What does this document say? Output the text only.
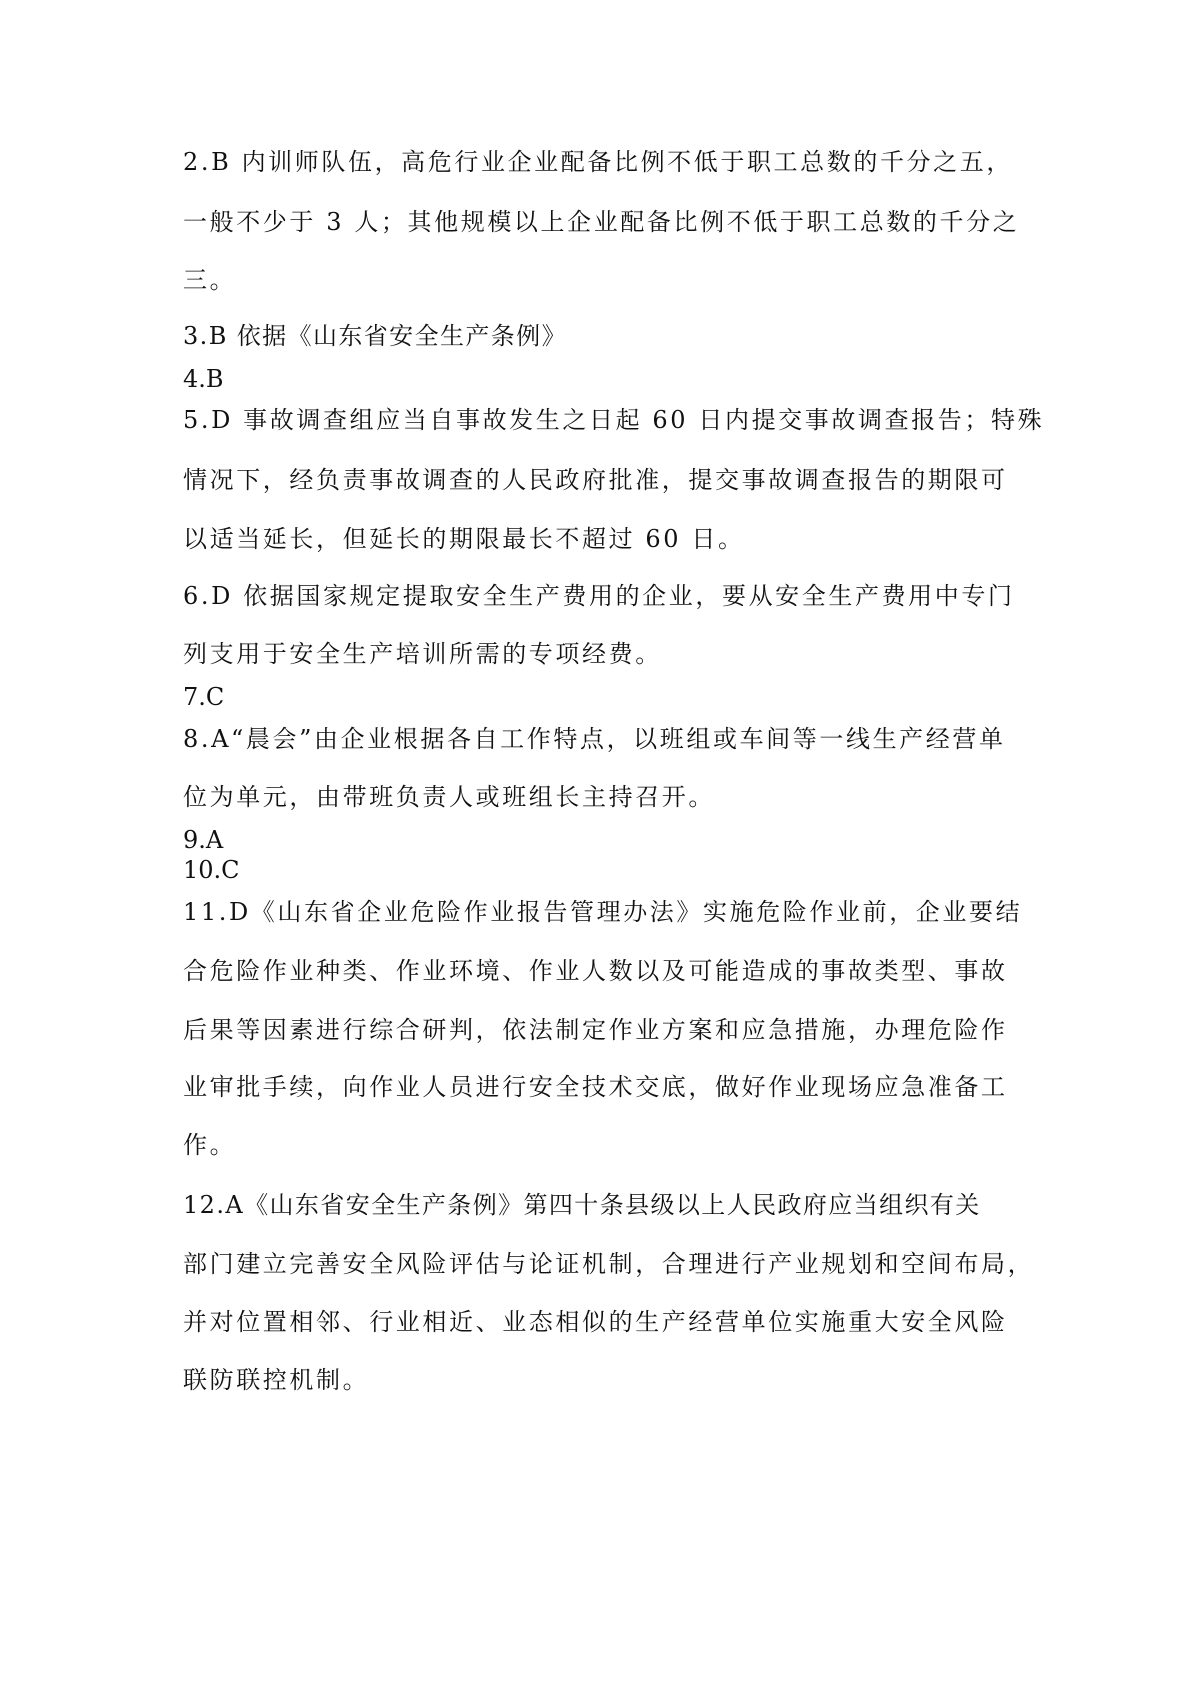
2.B 内训师队伍，高危行业企业配备比例不低于职工总数的千分之五，

一般不少于 3 人；其他规模以上企业配备比例不低于职工总数的千分之

三。

3.B 依据《山东省安全生产条例》

4.B

5.D 事故调查组应当自事故发生之日起 60 日内提交事故调查报告；特殊

情况下，经负责事故调查的人民政府批准，提交事故调查报告的期限可

以适当延长，但延长的期限最长不超过 60 日。

6.D 依据国家规定提取安全生产费用的企业，要从安全生产费用中专门

列支用于安全生产培训所需的专项经费。

7.C

8.A“晨会”由企业根据各自工作特点，以班组或车间等一线生产经营单

位为单元，由带班负责人或班组长主持召开。

9.A

10.C

11.D《山东省企业危险作业报告管理办法》实施危险作业前，企业要结

合危险作业种类、作业环境、作业人数以及可能造成的事故类型、事故

后果等因素进行综合研判，依法制定作业方案和应急措施，办理危险作

业审批手续，向作业人员进行安全技术交底，做好作业现场应急准备工

作。

12.A《山东省安全生产条例》第四十条县级以上人民政府应当组织有关

部门建立完善安全风险评估与论证机制，合理进行产业规划和空间布局，

并对位置相邻、行业相近、业态相似的生产经营单位实施重大安全风险

联防联控机制。
